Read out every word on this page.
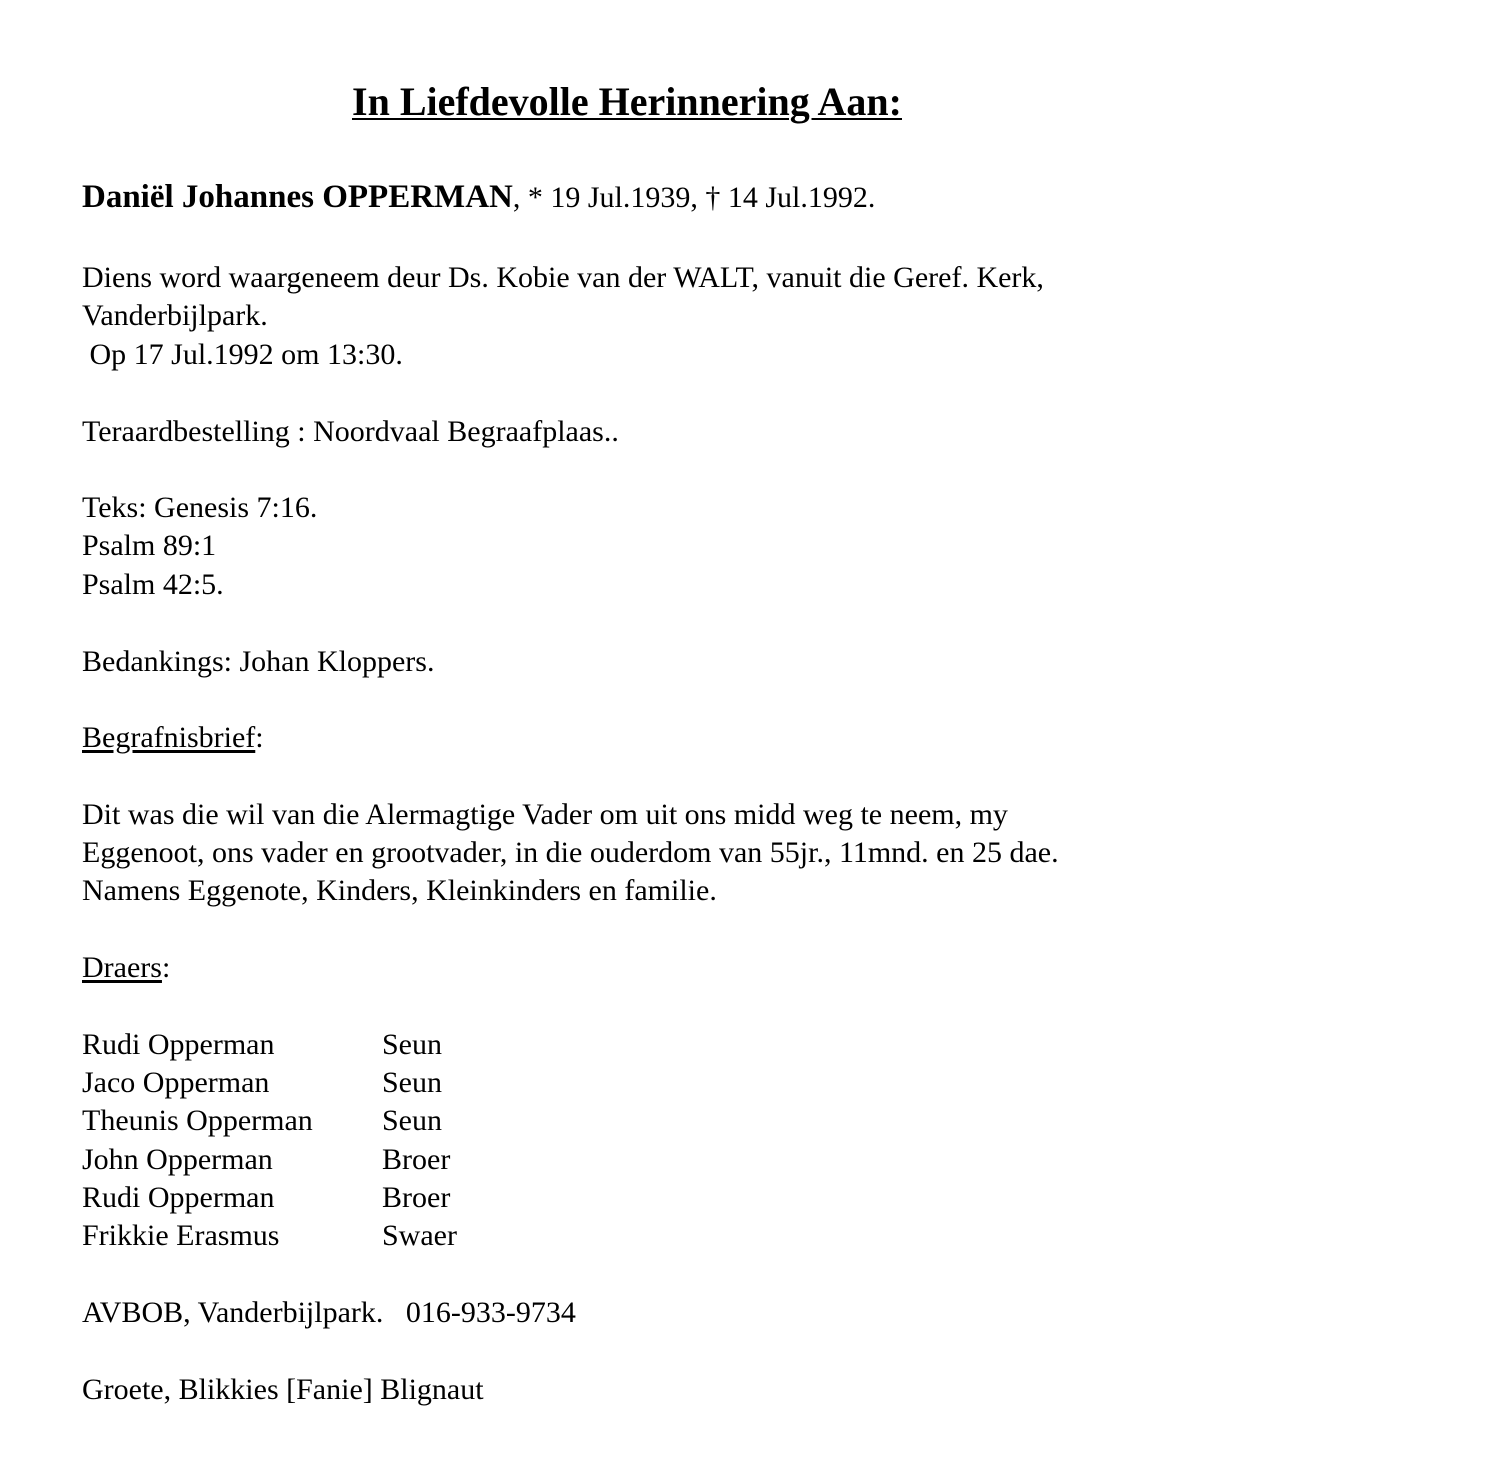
In Liefdevolle Herinnering Aan:
Daniël Johannes OPPERMAN, * 19 Jul.1939, † 14 Jul.1992.
Diens word waargeneem deur Ds. Kobie van der WALT, vanuit die Geref. Kerk,
Vanderbijlpark.
Op 17 Jul.1992 om 13:30.
Teraardbestelling : Noordvaal Begraafplaas..
Teks: Genesis 7:16.
Psalm 89:1
Psalm 42:5.
Bedankings: Johan Kloppers.
Begrafnisbrief:
Dit was die wil van die Alermagtige Vader om uit ons midd weg te neem, my
Eggenoot, ons vader en grootvader, in die ouderdom van 55jr., 11mnd. en 25 dae.
Namens Eggenote, Kinders, Kleinkinders en familie.
Draers:
Rudi Opperman	Seun
Jaco Opperman	Seun
Theunis Opperman Seun
John Opperman	Broer
Rudi Opperman	Broer
Frikkie Erasmus	Swaer
AVBOB, Vanderbijlpark.   016-933-9734
Groete, Blikkies [Fanie] Blignaut
